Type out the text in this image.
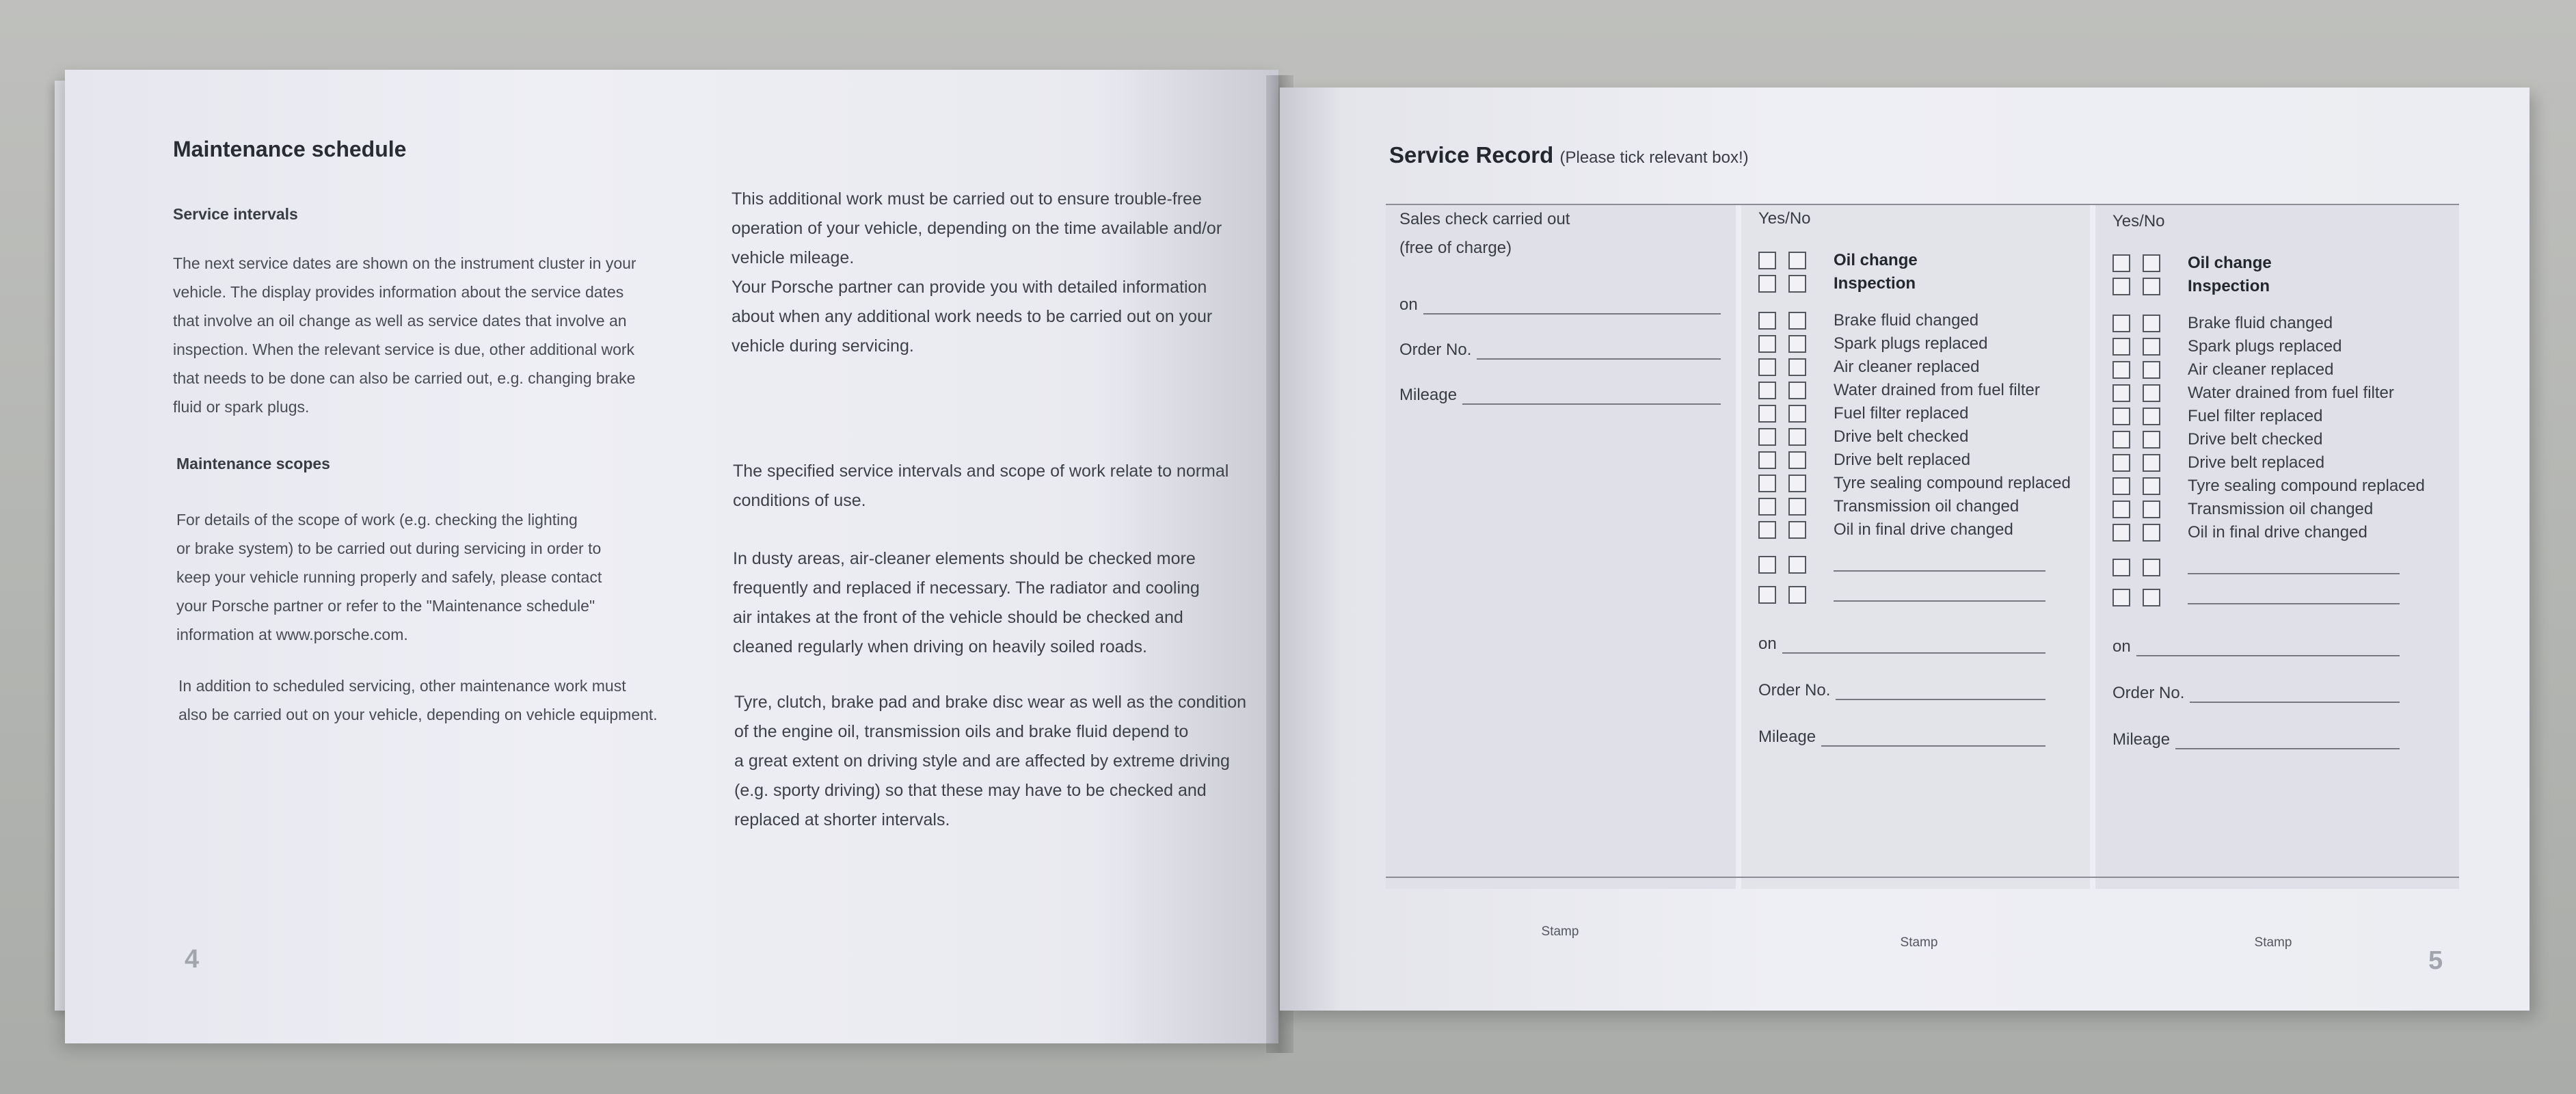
Maintenance schedule
Service intervals
The next service dates are shown on the instrument cluster in your
vehicle. The display provides information about the service dates
that involve an oil change as well as service dates that involve an
inspection. When the relevant service is due, other additional work
that needs to be done can also be carried out, e.g. changing brake
fluid or spark plugs.
Maintenance scopes
For details of the scope of work (e.g. checking the lighting
or brake system) to be carried out during servicing in order to
keep your vehicle running properly and safely, please contact
your Porsche partner or refer to the "Maintenance schedule"
information at www.porsche.com.
In addition to scheduled servicing, other maintenance work must
also be carried out on your vehicle, depending on vehicle equipment.
This additional work must be carried out to ensure trouble-free
operation of your vehicle, depending on the time available and/or
vehicle mileage.
Your Porsche partner can provide you with detailed information
about when any additional work needs to be carried out on your
vehicle during servicing.
The specified service intervals and scope of work relate to normal
conditions of use.
In dusty areas, air-cleaner elements should be checked more
frequently and replaced if necessary. The radiator and cooling
air intakes at the front of the vehicle should be checked and
cleaned regularly when driving on heavily soiled roads.
Tyre, clutch, brake pad and brake disc wear as well as the condition
of the engine oil, transmission oils and brake fluid depend to
a great extent on driving style and are affected by extreme driving
(e.g. sporty driving) so that these may have to be checked and
replaced at shorter intervals.
4
Service Record (Please tick relevant box!)
Sales check carried out
(free of charge)
on
Order No.
Mileage
Stamp
Yes/No
Oil change
Inspection
Brake fluid changed
Spark plugs replaced
Air cleaner replaced
Water drained from fuel filter
Fuel filter replaced
Drive belt checked
Drive belt replaced
Tyre sealing compound replaced
Transmission oil changed
Oil in final drive changed
on
Order No.
Mileage
Stamp
Yes/No
Oil change
Inspection
Brake fluid changed
Spark plugs replaced
Air cleaner replaced
Water drained from fuel filter
Fuel filter replaced
Drive belt checked
Drive belt replaced
Tyre sealing compound replaced
Transmission oil changed
Oil in final drive changed
on
Order No.
Mileage
Stamp
5
